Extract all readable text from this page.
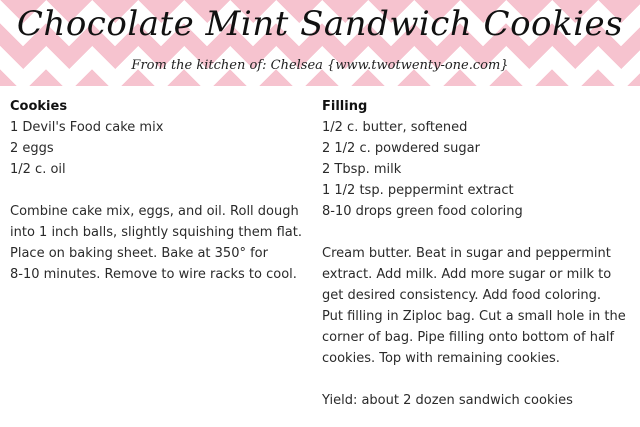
Chocolate Mint Sandwich Cookies
From the kitchen of: Chelsea {www.twotwenty-one.com}
Cookies
1 Devil's Food cake mix
2 eggs
1/2 c. oil
Combine cake mix, eggs, and oil. Roll dough
into 1 inch balls, slightly squishing them flat.
Place on baking sheet. Bake at 350° for
8-10 minutes. Remove to wire racks to cool.
Filling
1/2 c. butter, softened
2 1/2 c. powdered sugar
2 Tbsp. milk
1 1/2 tsp. peppermint extract
8-10 drops green food coloring
Cream butter. Beat in sugar and peppermint
extract. Add milk. Add more sugar or milk to
get desired consistency. Add food coloring.
Put filling in Ziploc bag. Cut a small hole in the
corner of bag. Pipe filling onto bottom of half
cookies. Top with remaining cookies.
Yield: about 2 dozen sandwich cookies
